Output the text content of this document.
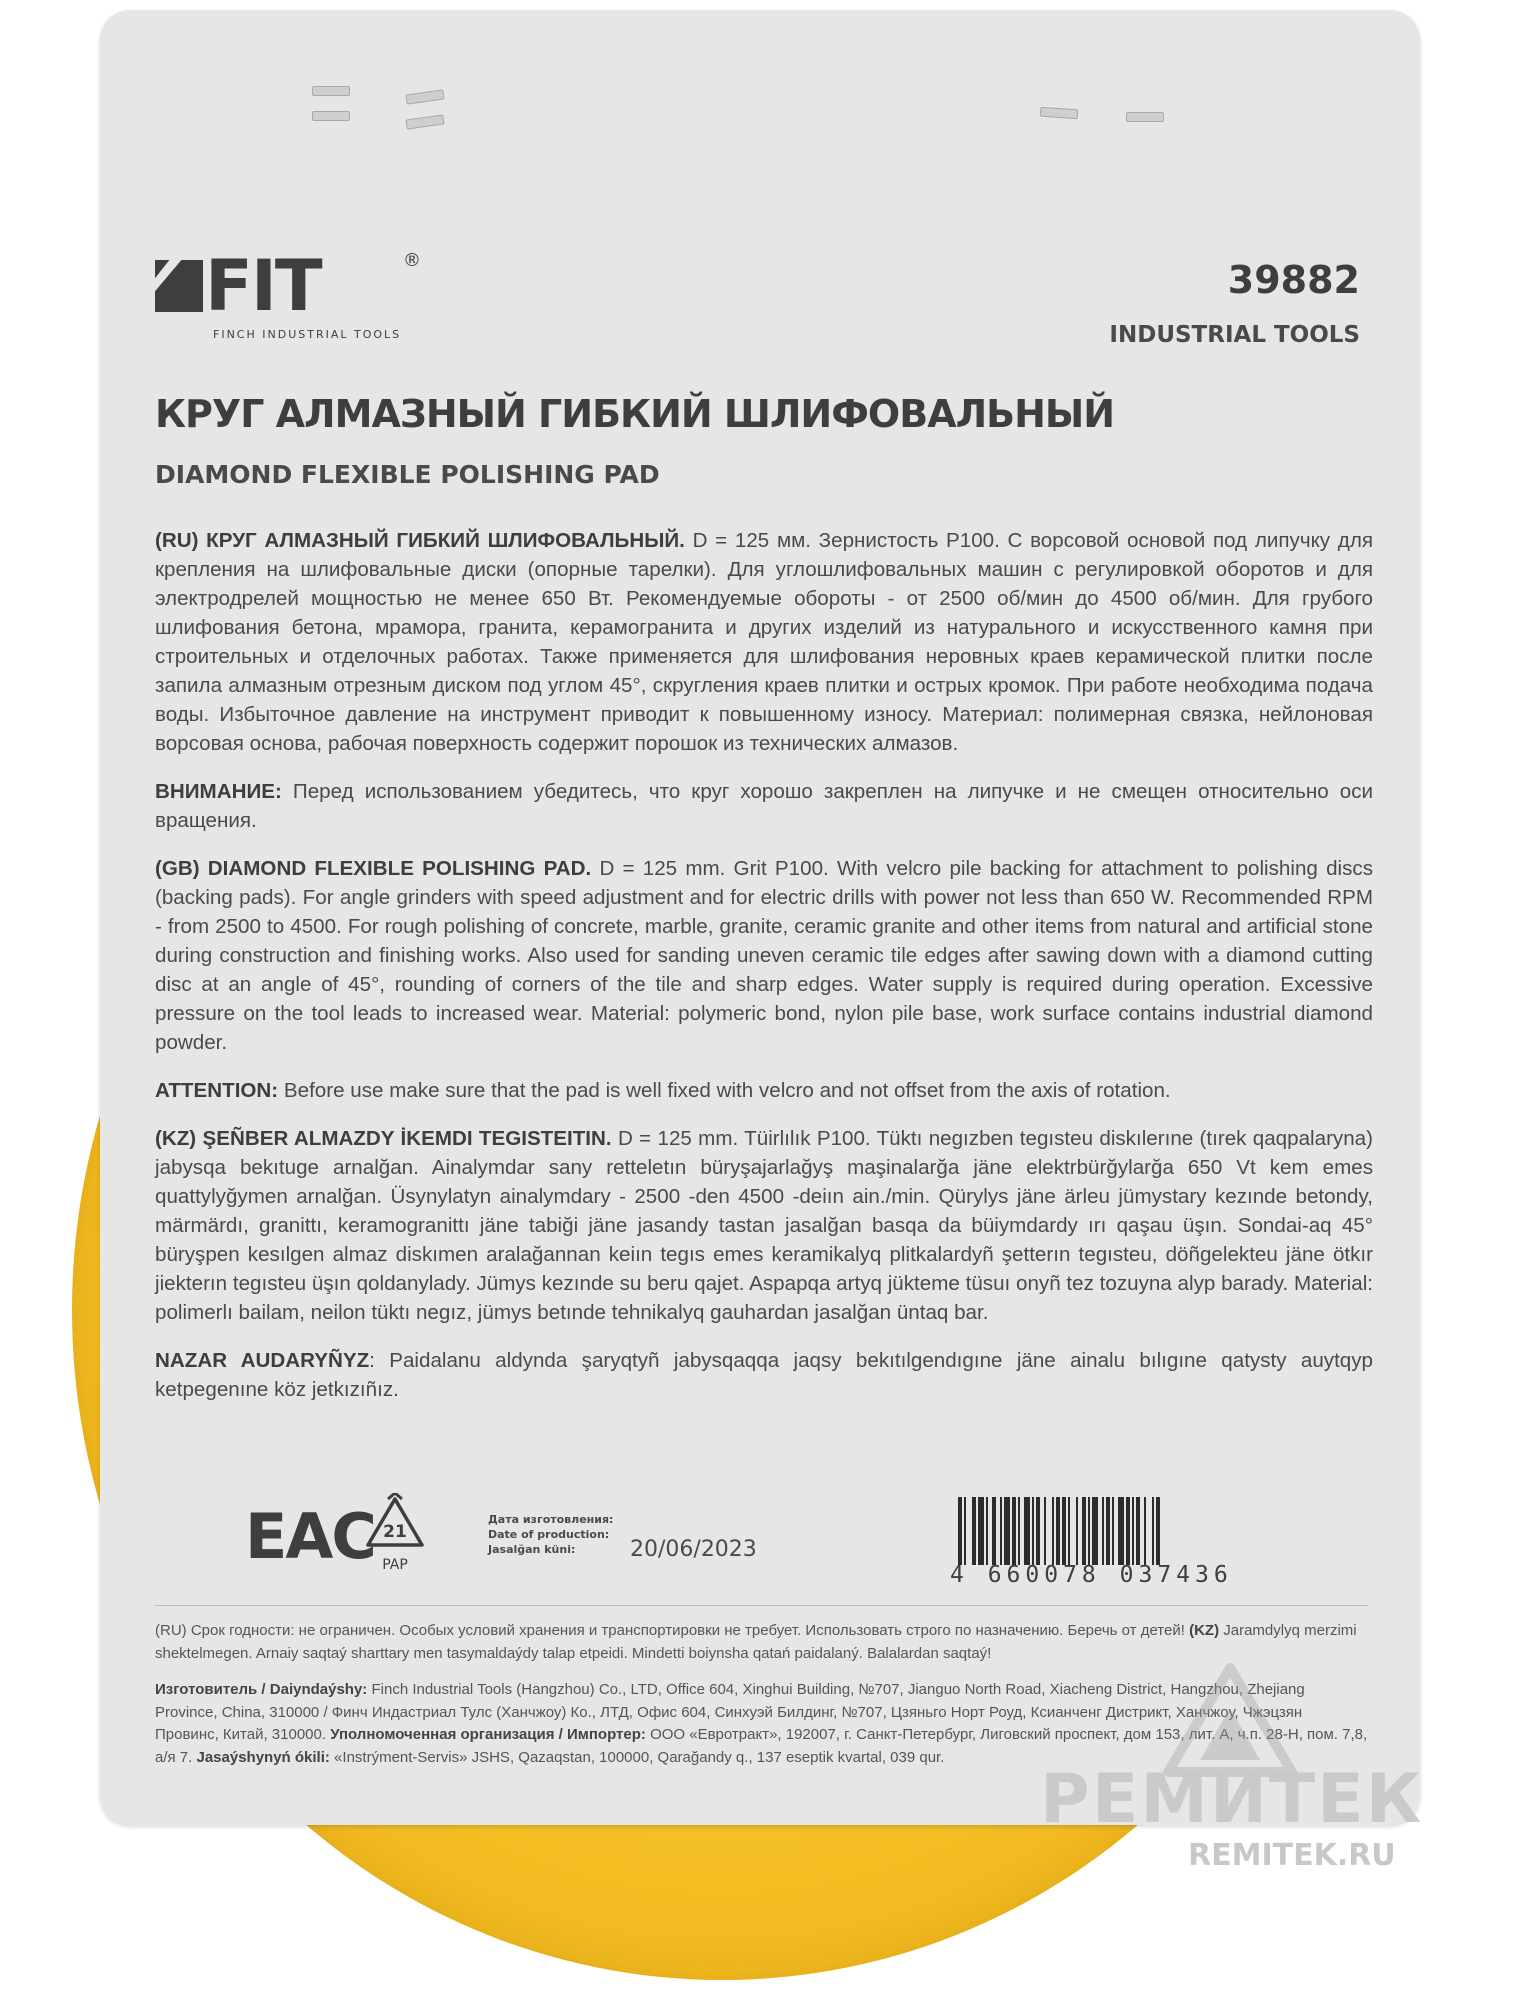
FIT	®
FINCH INDUSTRIAL TOOLS
39882
INDUSTRIAL TOOLS
КРУГ АЛМАЗНЫЙ ГИБКИЙ ШЛИФОВАЛЬНЫЙ
DIAMOND FLEXIBLE POLISHING PAD

(RU) КРУГ АЛМАЗНЫЙ ГИБКИЙ ШЛИФОВАЛЬНЫЙ. D = 125 мм. Зернистость P100. С ворсовой основой под липучку для крепления на шлифовальные диски (опорные тарелки). Для углошлифовальных машин с регулировкой оборотов и для электродрелей мощностью не менее 650 Вт. Рекомендуемые обороты - от 2500 об/мин до 4500 об/мин. Для грубого шлифования бетона, мрамора, гранита, керамогранита и других изделий из натурального и искусственного камня при строительных и отделочных работах. Также применяется для шлифования неровных краев керамической плитки после запила алмазным отрезным диском под углом 45°, скругления краев плитки и острых кромок. При работе необходима подача воды. Избыточное давление на инструмент приводит к повышенному износу. Материал: полимерная связка, нейлоновая ворсовая основа, рабочая поверхность содержит порошок из технических алмазов.

ВНИМАНИЕ: Перед использованием убедитесь, что круг хорошо закреплен на липучке и не смещен относительно оси вращения.

(GB) DIAMOND FLEXIBLE POLISHING PAD. D = 125 mm. Grit P100. With velcro pile backing for attachment to polishing discs (backing pads). For angle grinders with speed adjustment and for electric drills with power not less than 650 W. Recommended RPM - from 2500 to 4500. For rough polishing of concrete, marble, granite, ceramic granite and other items from natural and artificial stone during construction and finishing works. Also used for sanding uneven ceramic tile edges after sawing down with a diamond cutting disc at an angle of 45°, rounding of corners of the tile and sharp edges. Water supply is required during operation. Excessive pressure on the tool leads to increased wear. Material: polymeric bond, nylon pile base, work surface contains industrial diamond powder.

ATTENTION: Before use make sure that the pad is well fixed with velcro and not offset from the axis of rotation.

(KZ) ŞEÑBER ALMAZDY İKEMDI TEGISTEITIN. D = 125 mm. Tüirlılık P100. Tüktı negızben tegısteu diskılerıne (tırek qaqpalaryna) jabysqa bekıtuge arnalğan. Ainalymdar sany retteletın büryşajarlağyş maşinalarğa jäne elektrbürğylarğa 650 Vt kem emes quattylyğymen arnalğan. Üsynylatyn ainalymdary - 2500 -den 4500 -deiın ain./min. Qürylys jäne ärleu jümystary kezınde betondy, märmärdı, granittı, keramogranittı jäne tabiği jäne jasandy tastan jasalğan basqa da büiymdardy ırı qaşau üşın. Sondai-aq 45° büryşpen kesılgen almaz diskımen aralağannan keiın tegıs emes keramikalyq plitkalardyñ şetterın tegısteu, döñgelekteu jäne ötkır jiekterın tegısteu üşın qoldanylady. Jümys kezınde su beru qajet. Aspapqa artyq jükteme tüsuı onyñ tez tozuyna alyp barady. Material: polimerlı bailam, neilon tüktı negız, jümys betınde tehnikalyq gauhardan jasalğan üntaq bar.

NAZAR AUDARYÑYZ: Paidalanu aldynda şaryqtyñ jabysqaqqa jaqsy bekıtılgendıgıne jäne ainalu bılıgıne qatysty auytqyp ketpegenıne köz jetkızıñız.

EAC 21
PAP
Дата изготовления:
Date of production:
Jasalğan küni:	20/06/2023
4 660078 037436

(RU) Срок годности: не ограничен. Особых условий хранения и транспортировки не требует. Использовать строго по назначению. Беречь от детей! (KZ) Jaramdylyq merzimi shektelmegen. Arnaiy saqtaý sharttary men tasymaldaýdy talap etpeidi. Mindetti boiynsha qatań paidalaný. Balalardan saqtaý!

Изготовитель / Daiyndaýshy: Finch Industrial Tools (Hangzhou) Co., LTD, Office 604, Xinghui Building, №707, Jianguo North Road, Xiacheng District, Hangzhou, Zhejiang Province, China, 310000 / Финч Индастриал Тулс (Ханчжоу) Ко., ЛТД, Офис 604, Синхуэй Билдинг, №707, Цзяньго Норт Роуд, Ксианченг Дистрикт, Ханчжоу, Чжэцзян Провинс, Китай, 310000. Уполномоченная организация / Импортер: ООО «Евротракт», 192007, г. Санкт-Петербург, Лиговский проспект, дом 153, лит. А, ч.п. 28-Н, пом. 7,8, а/я 7. Jasaýshynyń ókili: «Instrýment-Servis» JSHS, Qazaqstan, 100000, Qarağandy q., 137 eseptik kvartal, 039 qur.

РЕМИТЕК
REMITEK.RU
